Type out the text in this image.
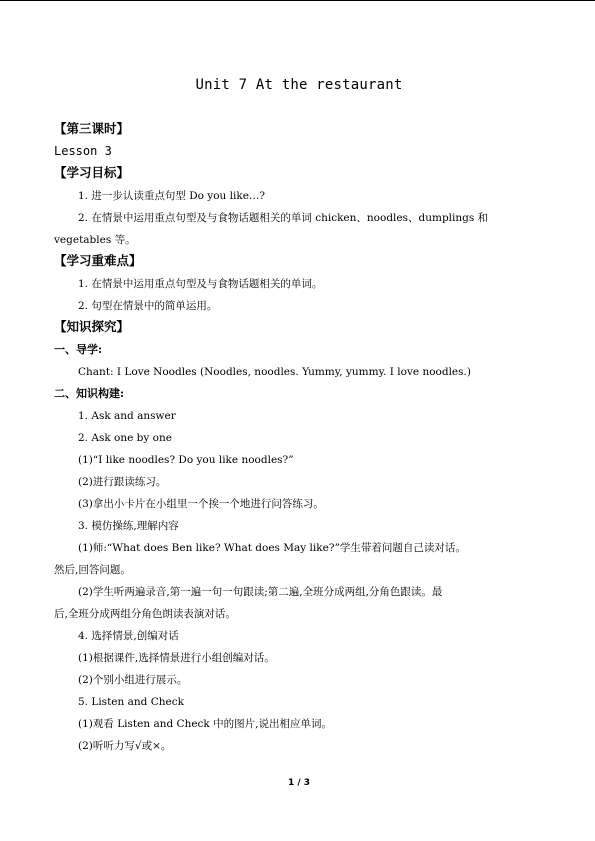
Unit 7 At the restaurant
【第三课时】
Lesson 3
【学习目标】
1. 进一步认读重点句型 Do you like…?
2. 在情景中运用重点句型及与食物话题相关的单词 chicken、noodles、dumplings 和
vegetables 等。
【学习重难点】
1. 在情景中运用重点句型及与食物话题相关的单词。
2. 句型在情景中的简单运用。
【知识探究】
一、导学:
Chant: I Love Noodles (Noodles, noodles. Yummy, yummy. I love noodles.)
二、知识构建:
1. Ask and answer
2. Ask one by one
(1)“I like noodles? Do you like noodles?”
(2)进行跟读练习。
(3)拿出小卡片在小组里一个挨一个地进行问答练习。
3. 模仿操练,理解内容
(1)师:“What does Ben like? What does May like?”学生带着问题自己读对话。
然后,回答问题。
(2)学生听两遍录音,第一遍一句一句跟读;第二遍,全班分成两组,分角色跟读。最
后,全班分成两组分角色朗读表演对话。
4. 选择情景,创编对话
(1)根据课件,选择情景进行小组创编对话。
(2)个别小组进行展示。
5. Listen and Check
(1)观看 Listen and Check 中的图片,说出相应单词。
(2)听听力写√或×。
1 / 3
